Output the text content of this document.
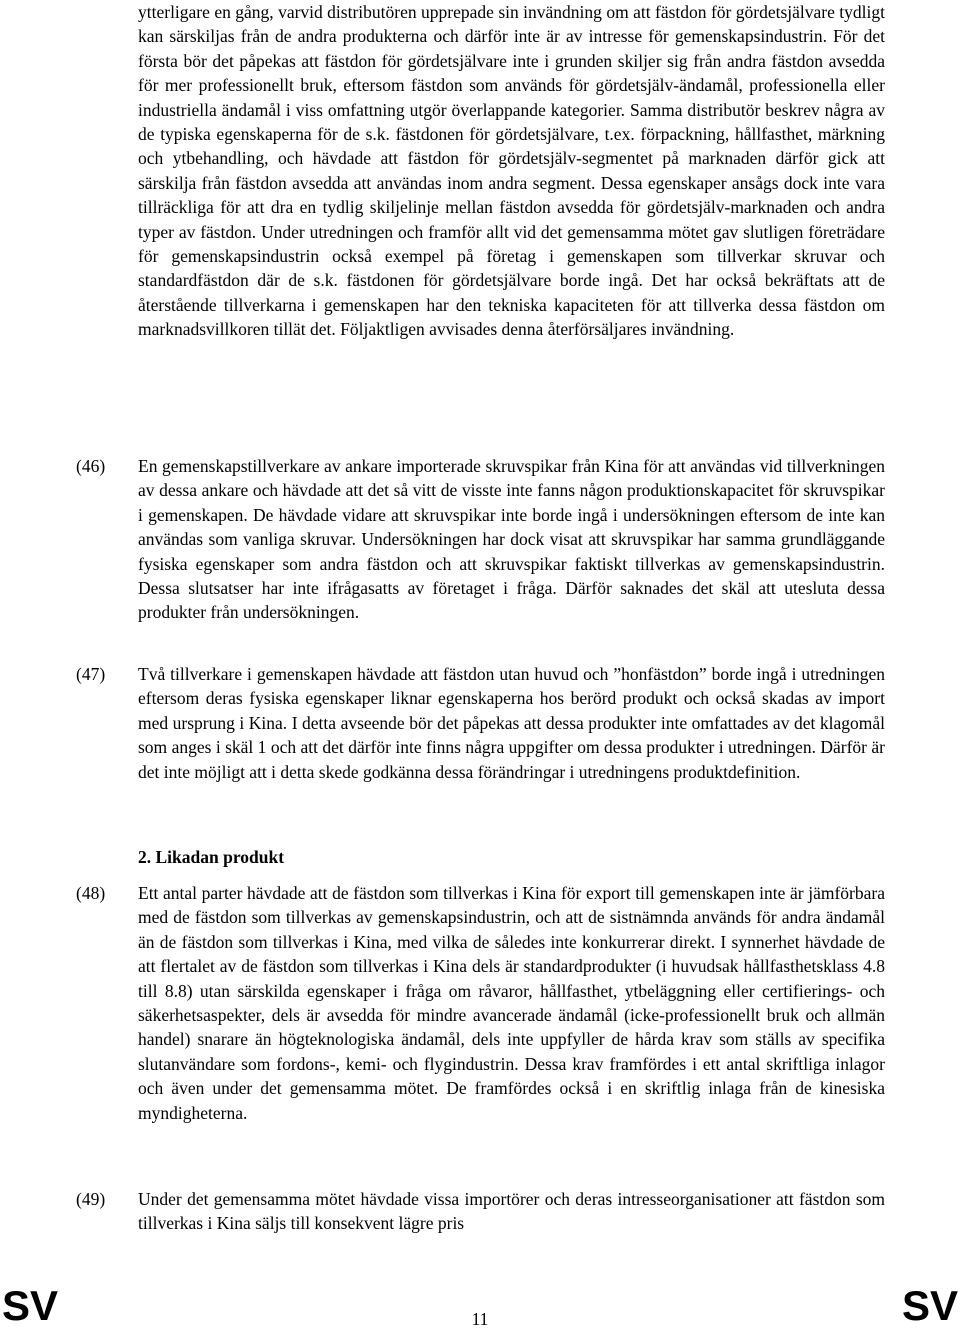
ytterligare en gång, varvid distributören upprepade sin invändning om att fästdon för gördetsjälvare tydligt kan särskiljas från de andra produkterna och därför inte är av intresse för gemenskapsindustrin. För det första bör det påpekas att fästdon för gördetsjälvare inte i grunden skiljer sig från andra fästdon avsedda för mer professionellt bruk, eftersom fästdon som används för gördetsjälv-ändamål, professionella eller industriella ändamål i viss omfattning utgör överlappande kategorier. Samma distributör beskrev några av de typiska egenskaperna för de s.k. fästdonen för gördetsjälvare, t.ex. förpackning, hållfasthet, märkning och ytbehandling, och hävdade att fästdon för gördetsjälv-segmentet på marknaden därför gick att särskilja från fästdon avsedda att användas inom andra segment. Dessa egenskaper ansågs dock inte vara tillräckliga för att dra en tydlig skiljelinje mellan fästdon avsedda för gördetsjälv-marknaden och andra typer av fästdon. Under utredningen och framför allt vid det gemensamma mötet gav slutligen företrädare för gemenskapsindustrin också exempel på företag i gemenskapen som tillverkar skruvar och standardfästdon där de s.k. fästdonen för gördetsjälvare borde ingå. Det har också bekräftats att de återstående tillverkarna i gemenskapen har den tekniska kapaciteten för att tillverka dessa fästdon om marknadsvillkoren tillät det. Följaktligen avvisades denna återförsäljares invändning.

(46) En gemenskapstillverkare av ankare importerade skruvspikar från Kina för att användas vid tillverkningen av dessa ankare och hävdade att det så vitt de visste inte fanns någon produktionskapacitet för skruvspikar i gemenskapen. De hävdade vidare att skruvspikar inte borde ingå i undersökningen eftersom de inte kan användas som vanliga skruvar. Undersökningen har dock visat att skruvspikar har samma grundläggande fysiska egenskaper som andra fästdon och att skruvspikar faktiskt tillverkas av gemenskapsindustrin. Dessa slutsatser har inte ifrågasatts av företaget i fråga. Därför saknades det skäl att utesluta dessa produkter från undersökningen.

(47) Två tillverkare i gemenskapen hävdade att fästdon utan huvud och ”honfästdon” borde ingå i utredningen eftersom deras fysiska egenskaper liknar egenskaperna hos berörd produkt och också skadas av import med ursprung i Kina. I detta avseende bör det påpekas att dessa produkter inte omfattades av det klagomål som anges i skäl 1 och att det därför inte finns några uppgifter om dessa produkter i utredningen. Därför är det inte möjligt att i detta skede godkänna dessa förändringar i utredningens produktdefinition.

2. Likadan produkt
(48) Ett antal parter hävdade att de fästdon som tillverkas i Kina för export till gemenskapen inte är jämförbara med de fästdon som tillverkas av gemenskapsindustrin, och att de sistnämnda används för andra ändamål än de fästdon som tillverkas i Kina, med vilka de således inte konkurrerar direkt. I synnerhet hävdade de att flertalet av de fästdon som tillverkas i Kina dels är standardprodukter (i huvudsak hållfasthetsklass 4.8 till 8.8) utan särskilda egenskaper i fråga om råvaror, hållfasthet, ytbeläggning eller certifierings- och säkerhetsaspekter, dels är avsedda för mindre avancerade ändamål (icke-professionellt bruk och allmän handel) snarare än högteknologiska ändamål, dels inte uppfyller de hårda krav som ställs av specifika slutanvändare som fordons-, kemi- och flygindustrin. Dessa krav framfördes i ett antal skriftliga inlagor och även under det gemensamma mötet. De framfördes också i en skriftlig inlaga från de kinesiska myndigheterna.

(49) Under det gemensamma mötet hävdade vissa importörer och deras intresseorganisationer att fästdon som tillverkas i Kina säljs till konsekvent lägre pris

SV	11	SV
